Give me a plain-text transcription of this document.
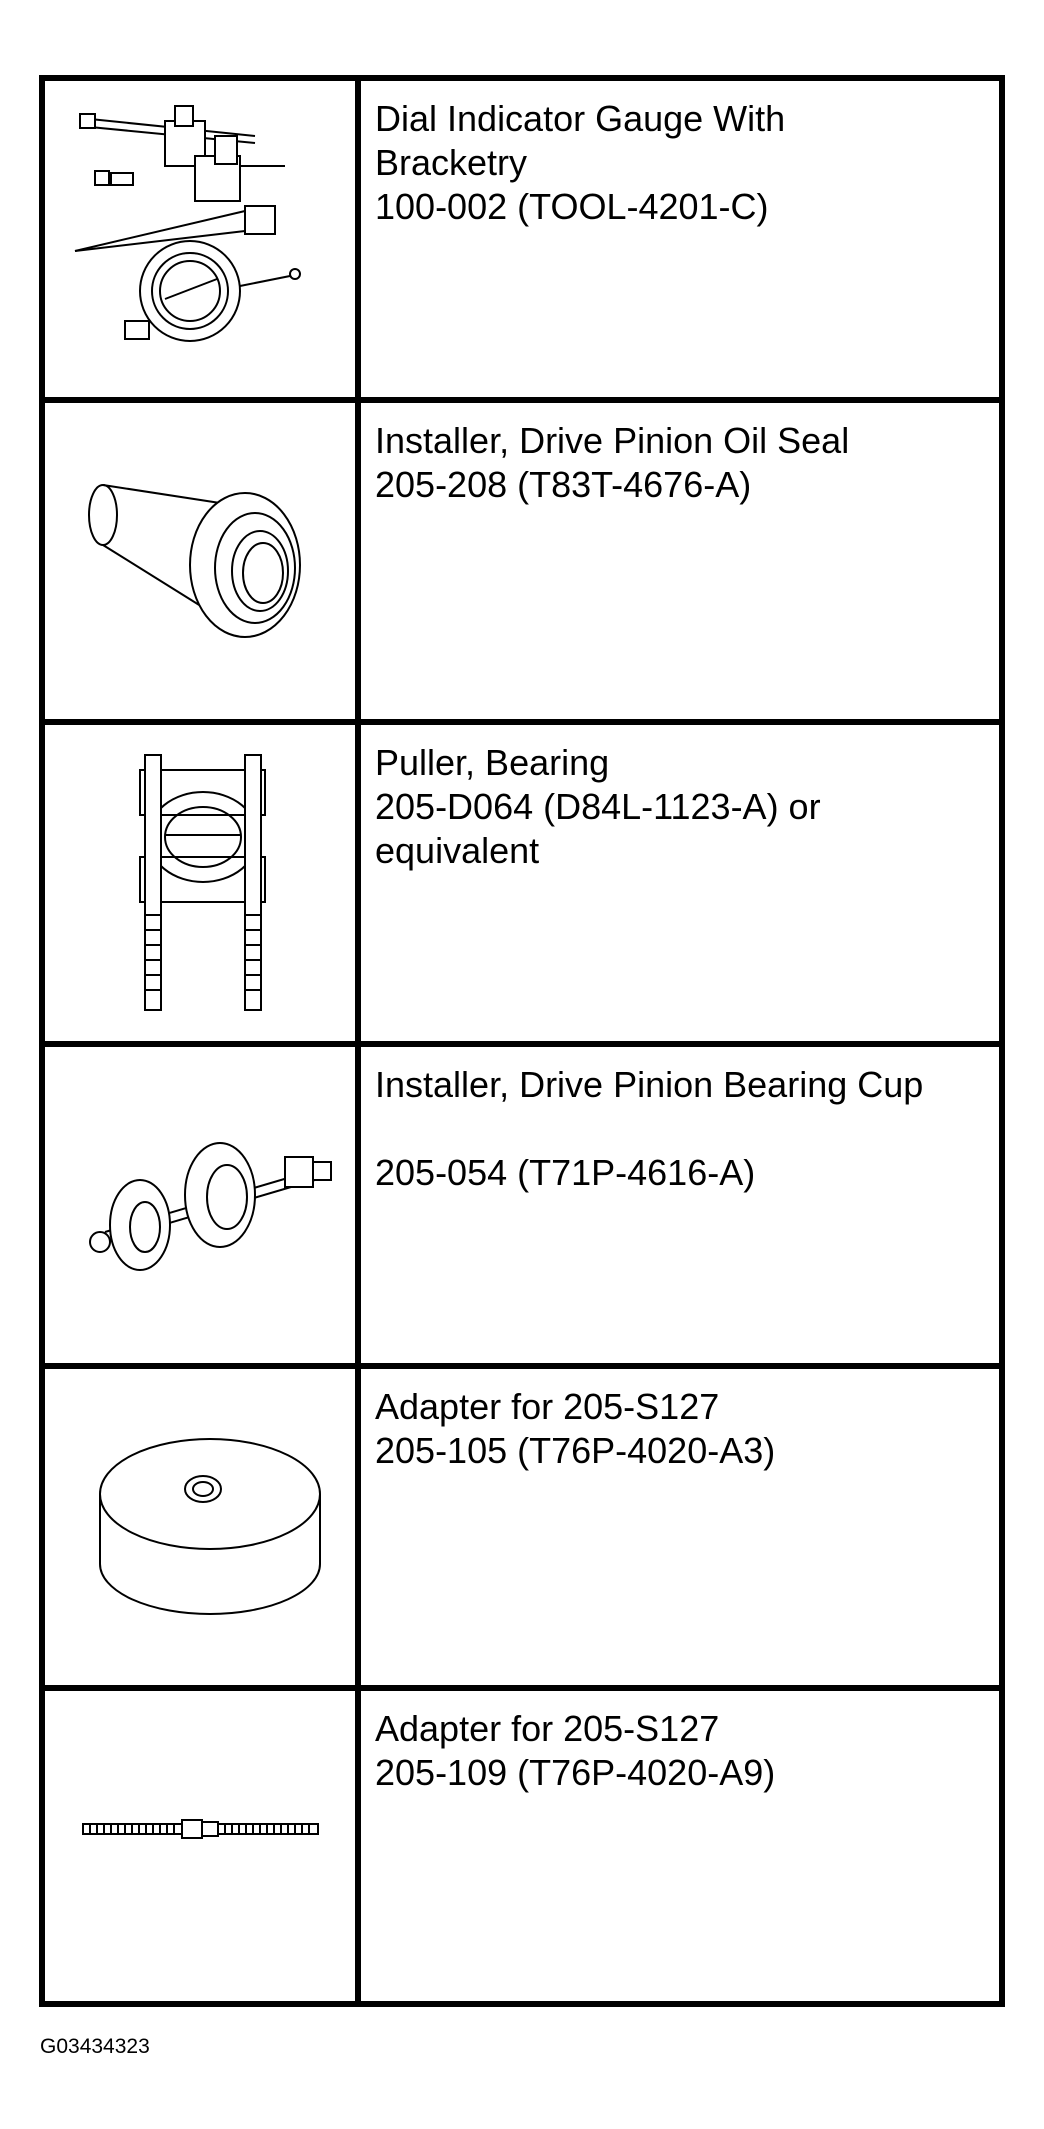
Dial Indicator Gauge With
Bracketry
100-002 (TOOL-4201-C)
Installer, Drive Pinion Oil Seal
205-208 (T83T-4676-A)
Puller, Bearing
205-D064 (D84L-1123-A) or
equivalent
Installer, Drive Pinion Bearing Cup
205-054 (T71P-4616-A)
Adapter for 205-S127
205-105 (T76P-4020-A3)
Adapter for 205-S127
205-109 (T76P-4020-A9)
G03434323
